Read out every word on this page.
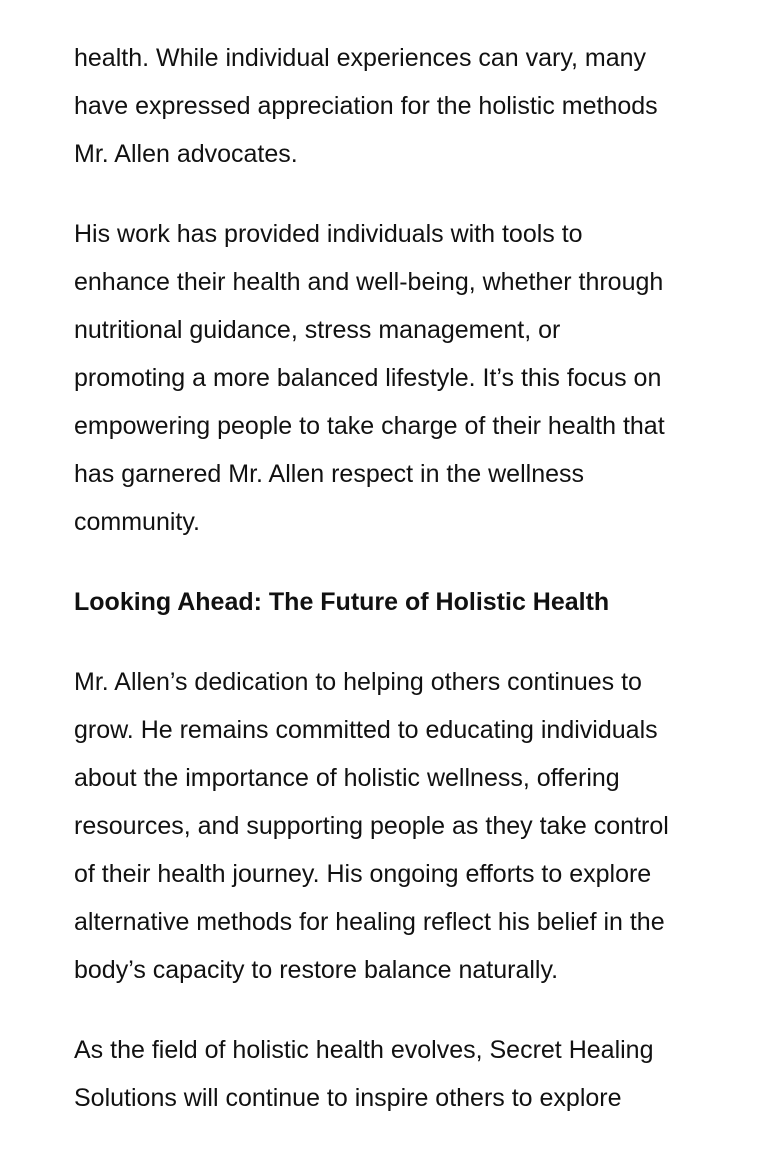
health. While individual experiences can vary, many
have expressed appreciation for the holistic methods
Mr. Allen advocates.

His work has provided individuals with tools to
enhance their health and well-being, whether through
nutritional guidance, stress management, or
promoting a more balanced lifestyle. It’s this focus on
empowering people to take charge of their health that
has garnered Mr. Allen respect in the wellness
community.

Looking Ahead: The Future of Holistic Health

Mr. Allen’s dedication to helping others continues to
grow. He remains committed to educating individuals
about the importance of holistic wellness, offering
resources, and supporting people as they take control
of their health journey. His ongoing efforts to explore
alternative methods for healing reflect his belief in the
body’s capacity to restore balance naturally.

As the field of holistic health evolves, Secret Healing
Solutions will continue to inspire others to explore
